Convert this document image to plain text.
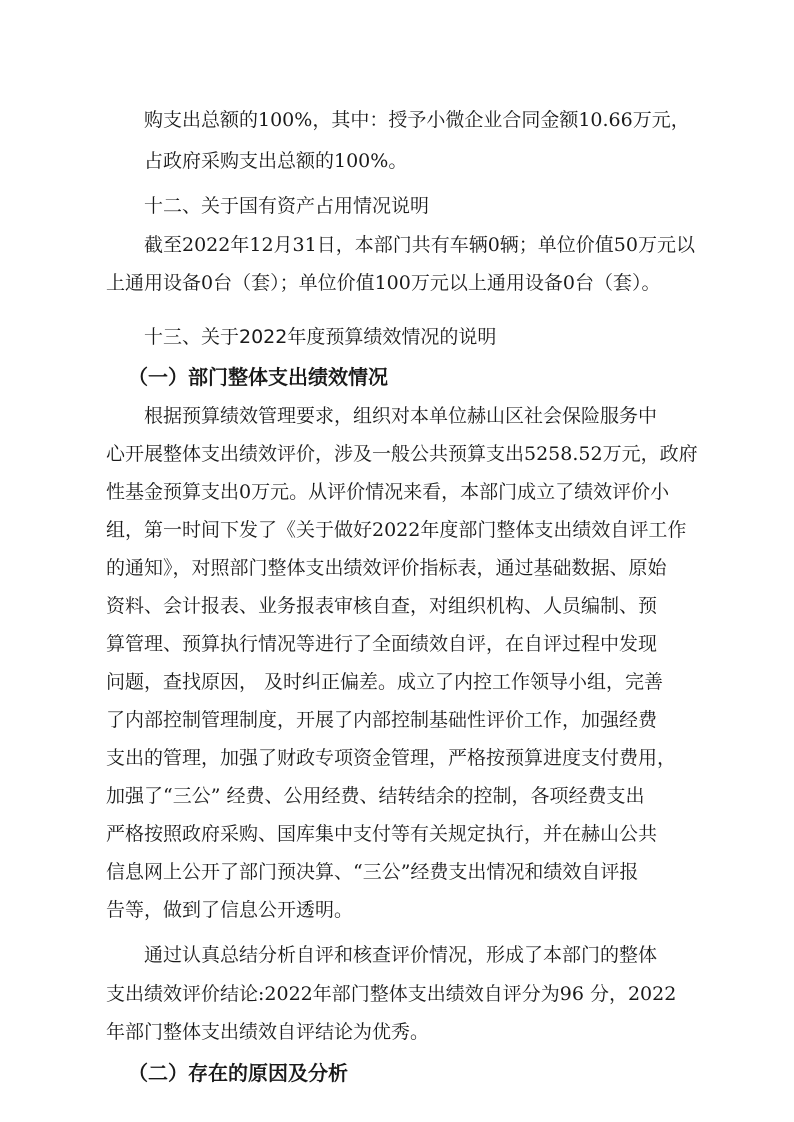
购支出总额的100%，其中：授予小微企业合同金额10.66万元，
占政府采购支出总额的100%。
十二、关于国有资产占用情况说明
截至2022年12月31日，本部门共有车辆0辆；单位价值50万元以
上通用设备0台（套）；单位价值100万元以上通用设备0台（套）。
十三、关于2022年度预算绩效情况的说明
（一）部门整体支出绩效情况
根据预算绩效管理要求，组织对本单位赫山区社会保险服务中
心开展整体支出绩效评价，涉及一般公共预算支出5258.52万元，政府
性基金预算支出0万元。从评价情况来看，本部门成立了绩效评价小
组，第一时间下发了《关于做好2022年度部门整体支出绩效自评工作
的通知》，对照部门整体支出绩效评价指标表，通过基础数据、原始
资料、会计报表、业务报表审核自查，对组织机构、人员编制、预
算管理、预算执行情况等进行了全面绩效自评，在自评过程中发现
问题，查找原因， 及时纠正偏差。成立了内控工作领导小组，完善
了内部控制管理制度，开展了内部控制基础性评价工作，加强经费
支出的管理，加强了财政专项资金管理，严格按预算进度支付费用，
加强了“三公” 经费、公用经费、结转结余的控制，各项经费支出
严格按照政府采购、国库集中支付等有关规定执行，并在赫山公共
信息网上公开了部门预决算、“三公”经费支出情况和绩效自评报
告等，做到了信息公开透明。
通过认真总结分析自评和核查评价情况，形成了本部门的整体
支出绩效评价结论:2022年部门整体支出绩效自评分为96 分，2022
年部门整体支出绩效自评结论为优秀。
（二）存在的原因及分析
